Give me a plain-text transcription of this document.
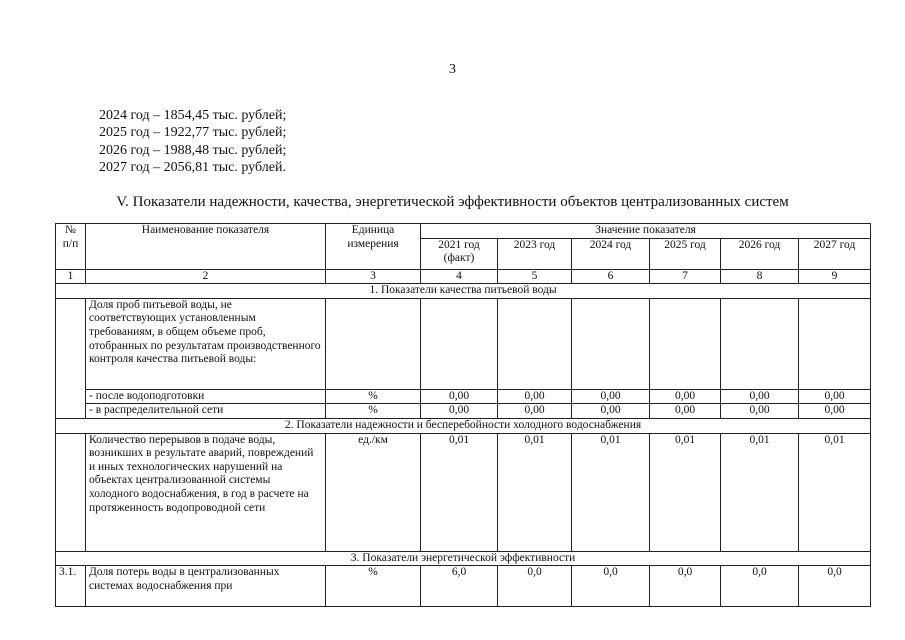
3
2024 год – 1854,45 тыс. рублей;
2025 год – 1922,77 тыс. рублей;
2026 год – 1988,48 тыс. рублей;
2027 год – 2056,81 тыс. рублей.
V. Показатели надежности, качества, энергетической эффективности объектов централизованных систем
№ п/п	Наименование показателя	Единица измерения	Значение показателя					
			2021 год (факт)	2023 год	2024 год	2025 год	2026 год	2027 год
1	2	3	4	5	6	7	8	9
1. Показатели качества питьевой воды								
	Доля проб питьевой воды, не соответствующих установленным требованиям, в общем объеме проб, отобранных по результатам производственного контроля качества питьевой воды:							
	- после водоподготовки	%	0,00	0,00	0,00	0,00	0,00	0,00
	- в распределительной сети	%	0,00	0,00	0,00	0,00	0,00	0,00
2. Показатели надежности и бесперебойности холодного водоснабжения								
	Количество перерывов в подаче воды, возникших в результате аварий, повреждений и иных технологических нарушений на объектах централизованной системы холодного водоснабжения, в год в расчете на протяженность водопроводной сети	ед./км	0,01	0,01	0,01	0,01	0,01	0,01
3. Показатели энергетической эффективности								
3.1.	Доля потерь воды в централизованных системах водоснабжения при	%	6,0	0,0	0,0	0,0	0,0	0,0
